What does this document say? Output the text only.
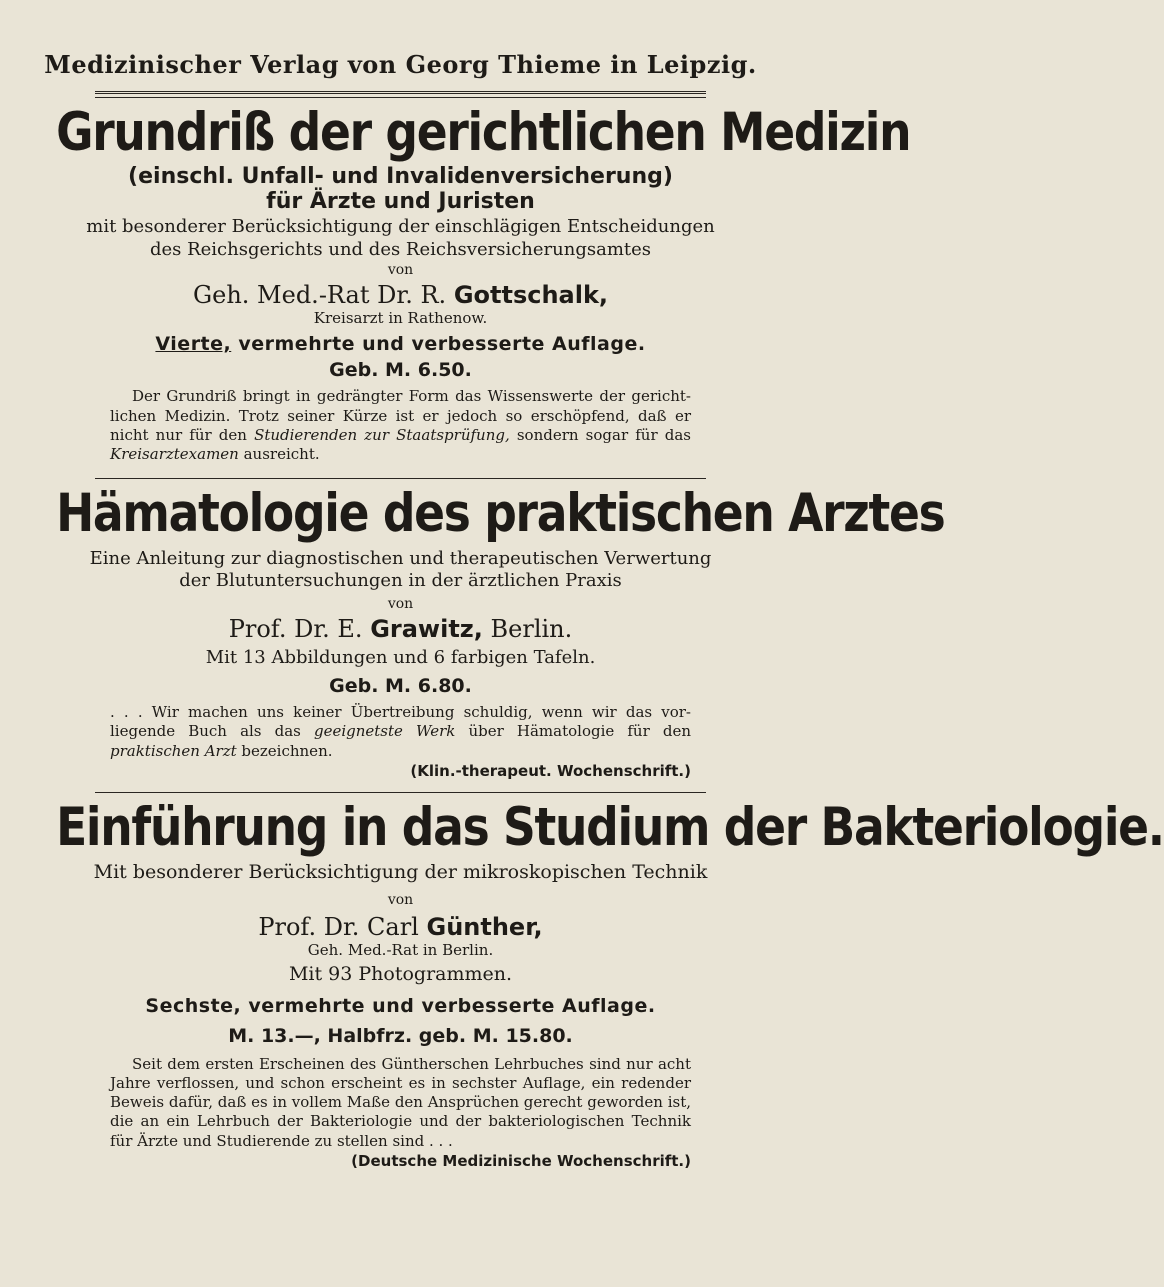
Medizinischer Verlag von Georg Thieme in Leipzig.

Grundriß der gerichtlichen Medizin

(einschl. Unfall- und Invalidenversicherung)

für Ärzte und Juristen

mit besonderer Berücksichtigung der einschlägigen Entscheidungen

des Reichsgerichts und des Reichsversicherungsamtes

von

Geh. Med.-Rat Dr. R. Gottschalk,

Kreisarzt in Rathenow.

Vierte, vermehrte und verbesserte Auflage.

Geb. M. 6.50.

Der Grundriß bringt in gedrängter Form das Wissenswerte der gerichtlichen Medizin. Trotz seiner Kürze ist er jedoch so erschöpfend, daß er nicht nur für den Studierenden zur Staatsprüfung, sondern sogar für das Kreisarztexamen ausreicht.

Hämatologie des praktischen Arztes

Eine Anleitung zur diagnostischen und therapeutischen Verwertung

der Blutuntersuchungen in der ärztlichen Praxis

von

Prof. Dr. E. Grawitz, Berlin.

Mit 13 Abbildungen und 6 farbigen Tafeln.

Geb. M. 6.80.

. . . Wir machen uns keiner Übertreibung schuldig, wenn wir das vorliegende Buch als das geeignetste Werk über Hämatologie für den praktischen Arzt bezeichnen.

(Klin.-therapeut. Wochenschrift.)

Einführung in das Studium der Bakteriologie.

Mit besonderer Berücksichtigung der mikroskopischen Technik

von

Prof. Dr. Carl Günther,

Geh. Med.-Rat in Berlin.

Mit 93 Photogrammen.

Sechste, vermehrte und verbesserte Auflage.

M. 13.—, Halbfrz. geb. M. 15.80.

Seit dem ersten Erscheinen des Güntherschen Lehrbuches sind nur acht Jahre verflossen, und schon erscheint es in sechster Auflage, ein redender Beweis dafür, daß es in vollem Maße den Ansprüchen gerecht geworden ist, die an ein Lehrbuch der Bakteriologie und der bakteriologischen Technik für Ärzte und Studierende zu stellen sind . . .

(Deutsche Medizinische Wochenschrift.)
